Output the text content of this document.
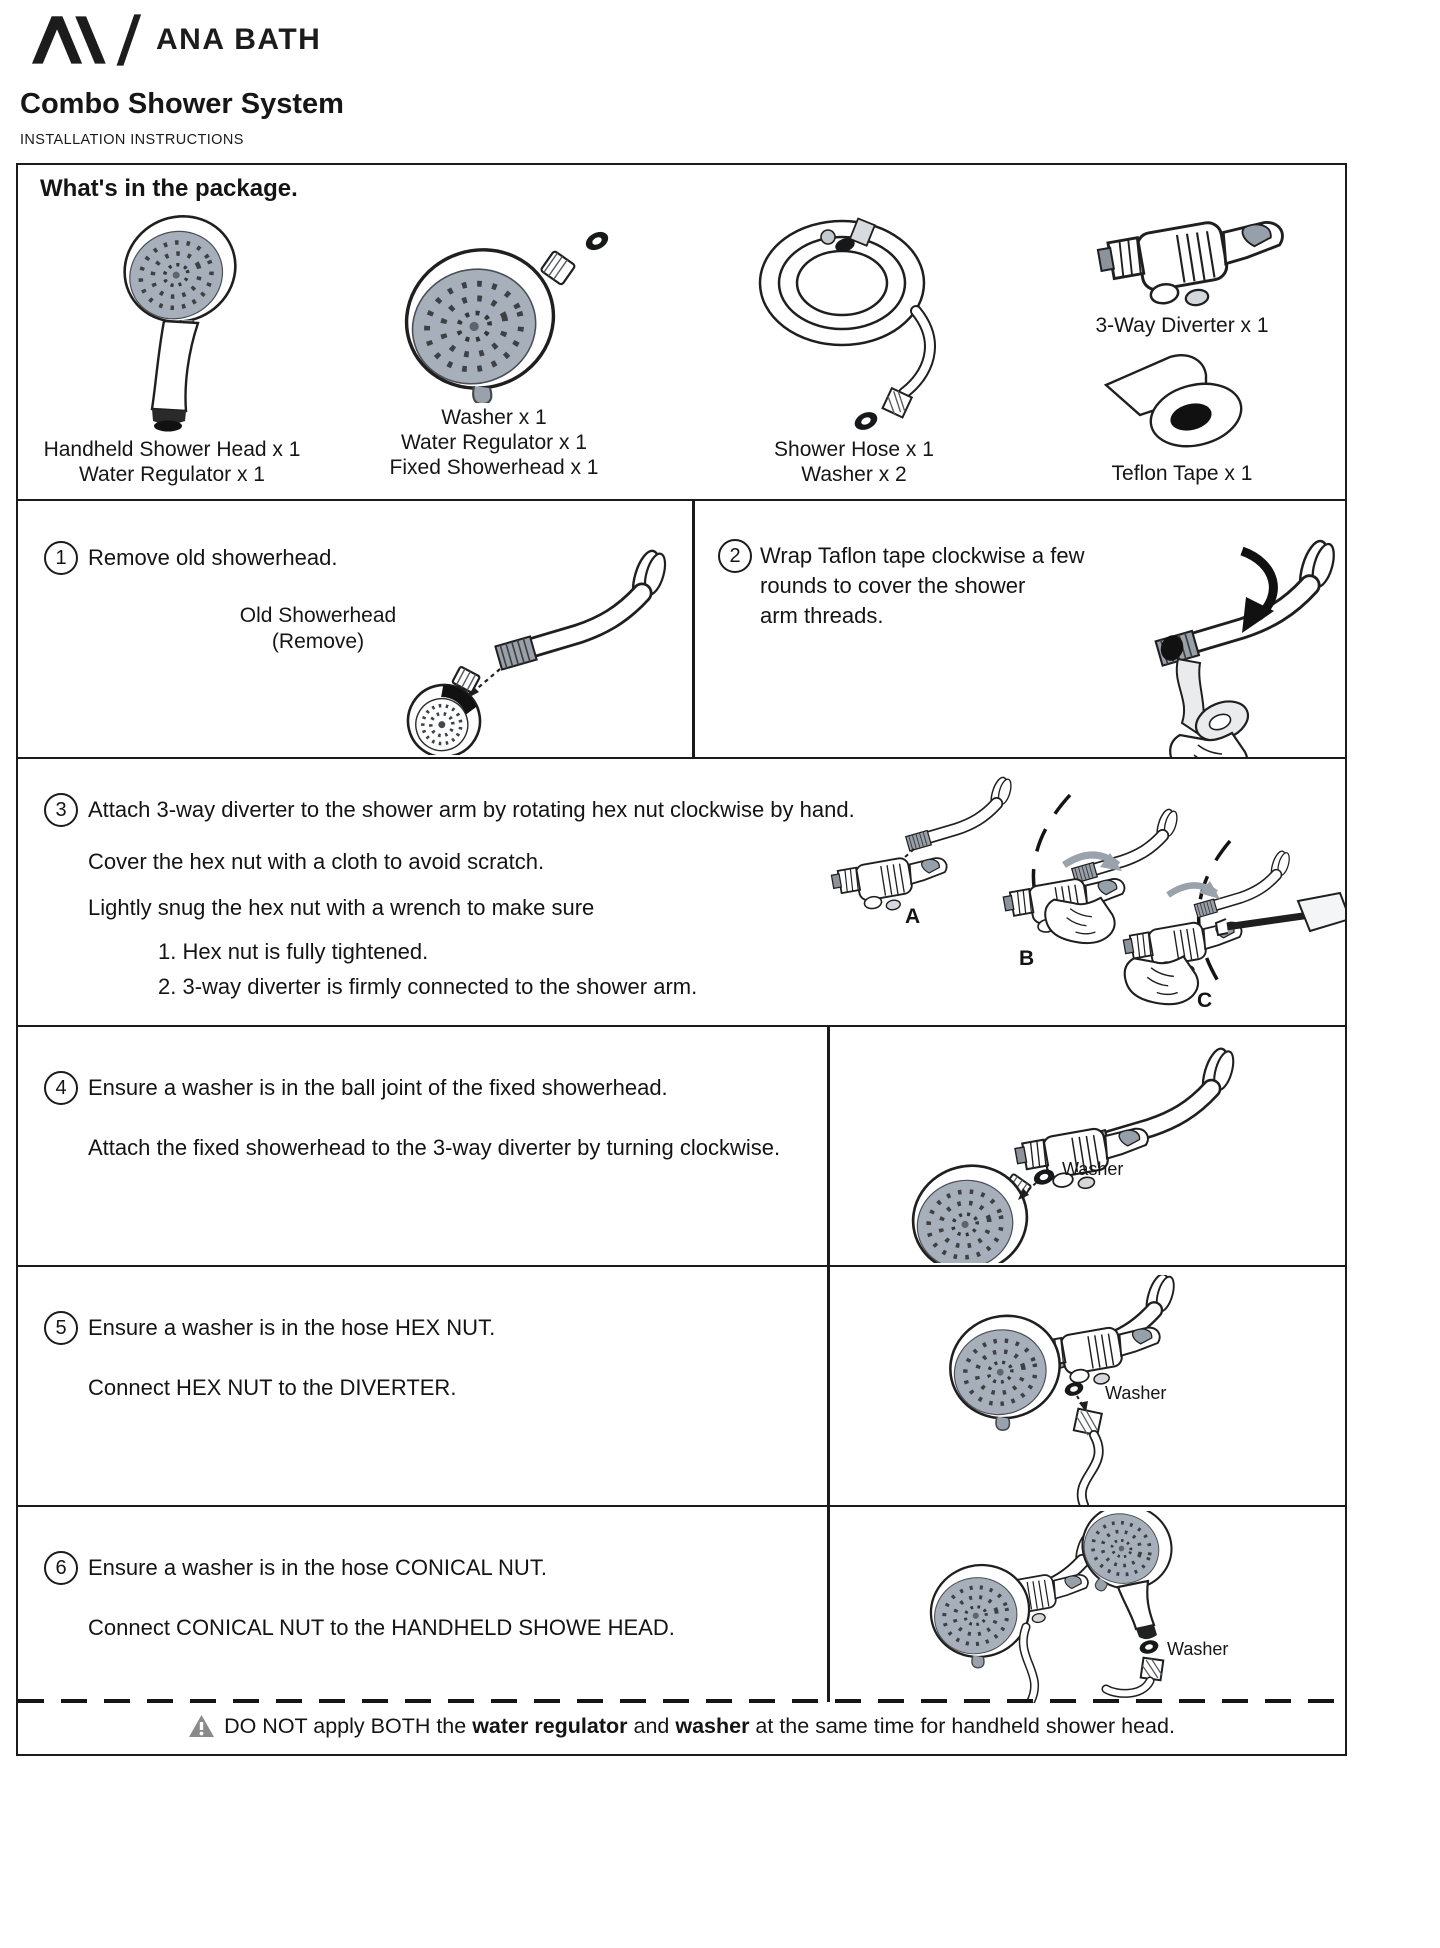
ANA BATH
Combo Shower System
INSTALLATION INSTRUCTIONS
What's in the package.
Handheld Shower Head x 1
Water Regulator x 1
Washer x 1
Water Regulator x 1
Fixed Showerhead x 1
Shower Hose x 1
Washer x 2
3-Way Diverter x 1
Teflon Tape x 1
1 Remove old showerhead.
Old Showerhead
(Remove)
2 Wrap Taflon tape clockwise a few
rounds to cover the shower
arm threads.
3 Attach 3-way diverter to the shower arm by rotating hex nut clockwise by hand.
Cover the hex nut with a cloth to avoid scratch.
Lightly snug the hex nut with a wrench to make sure
1. Hex nut is fully tightened.
2. 3-way diverter is firmly connected to the shower arm.
A
B
C
4 Ensure a washer is in the ball joint of the fixed showerhead.
Attach the fixed showerhead to the 3-way diverter by turning clockwise.
Washer
5 Ensure a washer is in the hose HEX NUT.
Connect HEX NUT to the DIVERTER.	Washer
6 Ensure a washer is in the hose CONICAL NUT.
Connect CONICAL NUT to the HANDHELD SHOWE HEAD.
Washer
DO NOT apply BOTH the water regulator and washer at the same time for handheld shower head.
